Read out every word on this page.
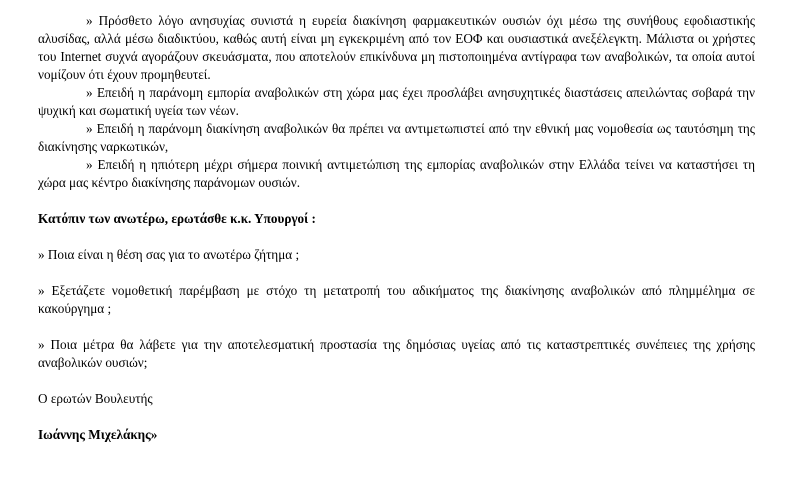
» Πρόσθετο λόγο ανησυχίας συνιστά η ευρεία διακίνηση φαρμακευτικών ουσιών όχι μέσω της συνήθους εφοδιαστικής αλυσίδας, αλλά μέσω διαδικτύου, καθώς αυτή είναι μη εγκεκριμένη από τον ΕΟΦ και ουσιαστικά ανεξέλεγκτη. Μάλιστα οι χρήστες του Internet συχνά αγοράζουν σκευάσματα, που αποτελούν επικίνδυνα μη πιστοποιημένα αντίγραφα των αναβολικών, τα οποία αυτοί νομίζουν ότι έχουν προμηθευτεί.

» Επειδή η παράνομη εμπορία αναβολικών στη χώρα μας έχει προσλάβει ανησυχητικές διαστάσεις απειλώντας σοβαρά την ψυχική και σωματική υγεία των νέων.

» Επειδή η παράνομη διακίνηση αναβολικών θα πρέπει να αντιμετωπιστεί από την εθνική μας νομοθεσία ως ταυτόσημη της διακίνησης ναρκωτικών,

» Επειδή η ηπιότερη μέχρι σήμερα ποινική αντιμετώπιση της εμπορίας αναβολικών στην Ελλάδα τείνει να καταστήσει τη χώρα μας κέντρο διακίνησης παράνομων ουσιών.

Κατόπιν των ανωτέρω, ερωτάσθε κ.κ. Υπουργοί :

» Ποια είναι η θέση σας για το ανωτέρω ζήτημα ;

» Εξετάζετε νομοθετική παρέμβαση με στόχο τη μετατροπή του αδικήματος της διακίνησης αναβολικών από πλημμέλημα σε κακούργημα ;

» Ποια μέτρα θα λάβετε για την αποτελεσματική προστασία της δημόσιας υγείας από τις καταστρεπτικές συνέπειες της χρήσης αναβολικών ουσιών;

Ο ερωτών Βουλευτής

Ιωάννης Μιχελάκης»
